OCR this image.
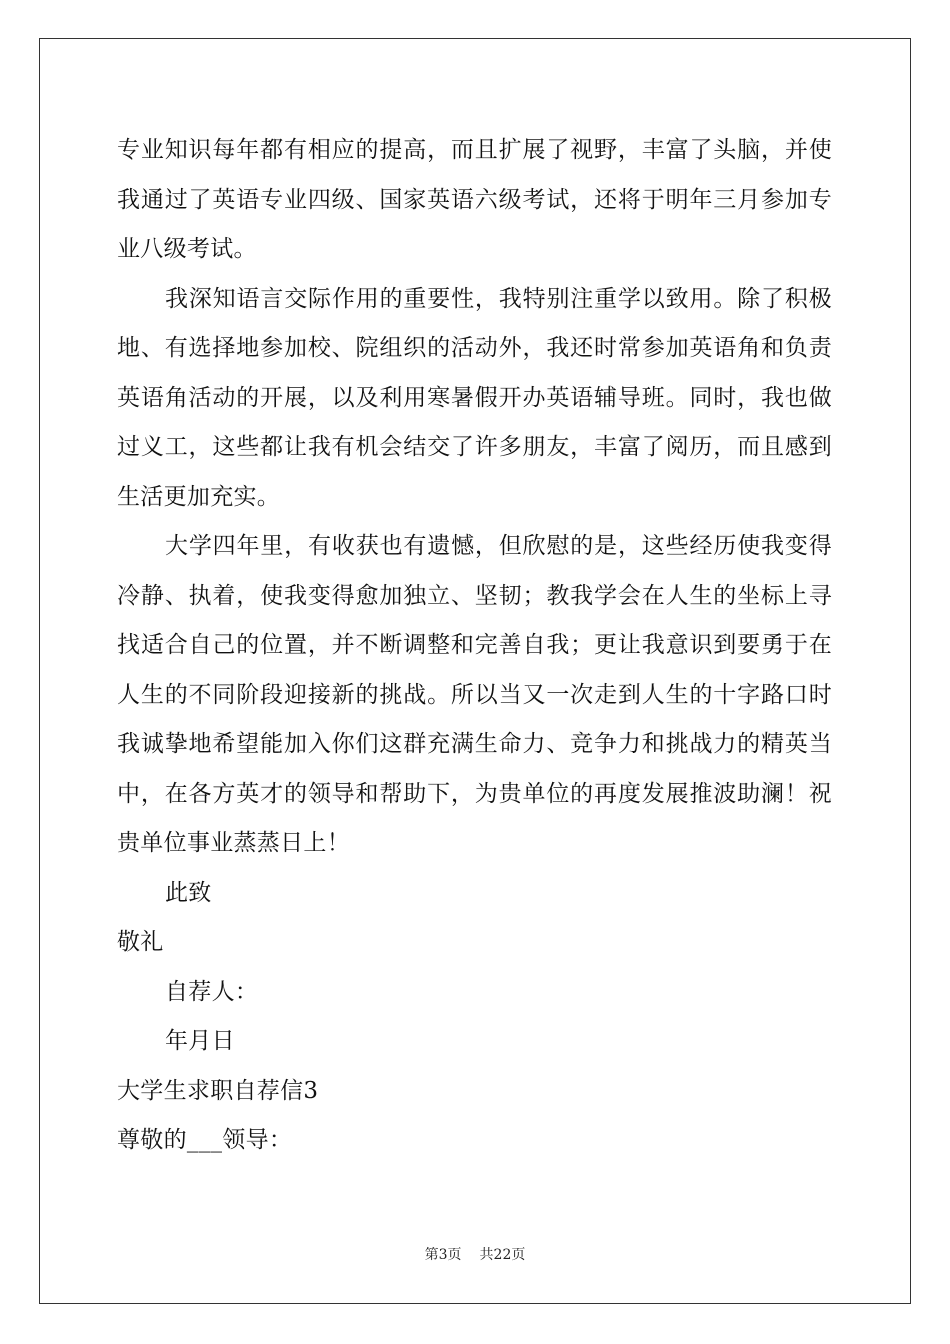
专业知识每年都有相应的提高，而且扩展了视野，丰富了头脑，并使我通过了英语专业四级、国家英语六级考试，还将于明年三月参加专业八级考试。

我深知语言交际作用的重要性，我特别注重学以致用。除了积极地、有选择地参加校、院组织的活动外，我还时常参加英语角和负责英语角活动的开展，以及利用寒暑假开办英语辅导班。同时，我也做过义工，这些都让我有机会结交了许多朋友，丰富了阅历，而且感到生活更加充实。

大学四年里，有收获也有遗憾，但欣慰的是，这些经历使我变得冷静、执着，使我变得愈加独立、坚韧；教我学会在人生的坐标上寻找适合自己的位置，并不断调整和完善自我；更让我意识到要勇于在人生的不同阶段迎接新的挑战。所以当又一次走到人生的十字路口时我诚挚地希望能加入你们这群充满生命力、竞争力和挑战力的精英当中，在各方英才的领导和帮助下，为贵单位的再度发展推波助澜！祝贵单位事业蒸蒸日上！

此致

敬礼

自荐人：

年月日

大学生求职自荐信3

尊敬的___领导：

第3页 共22页
